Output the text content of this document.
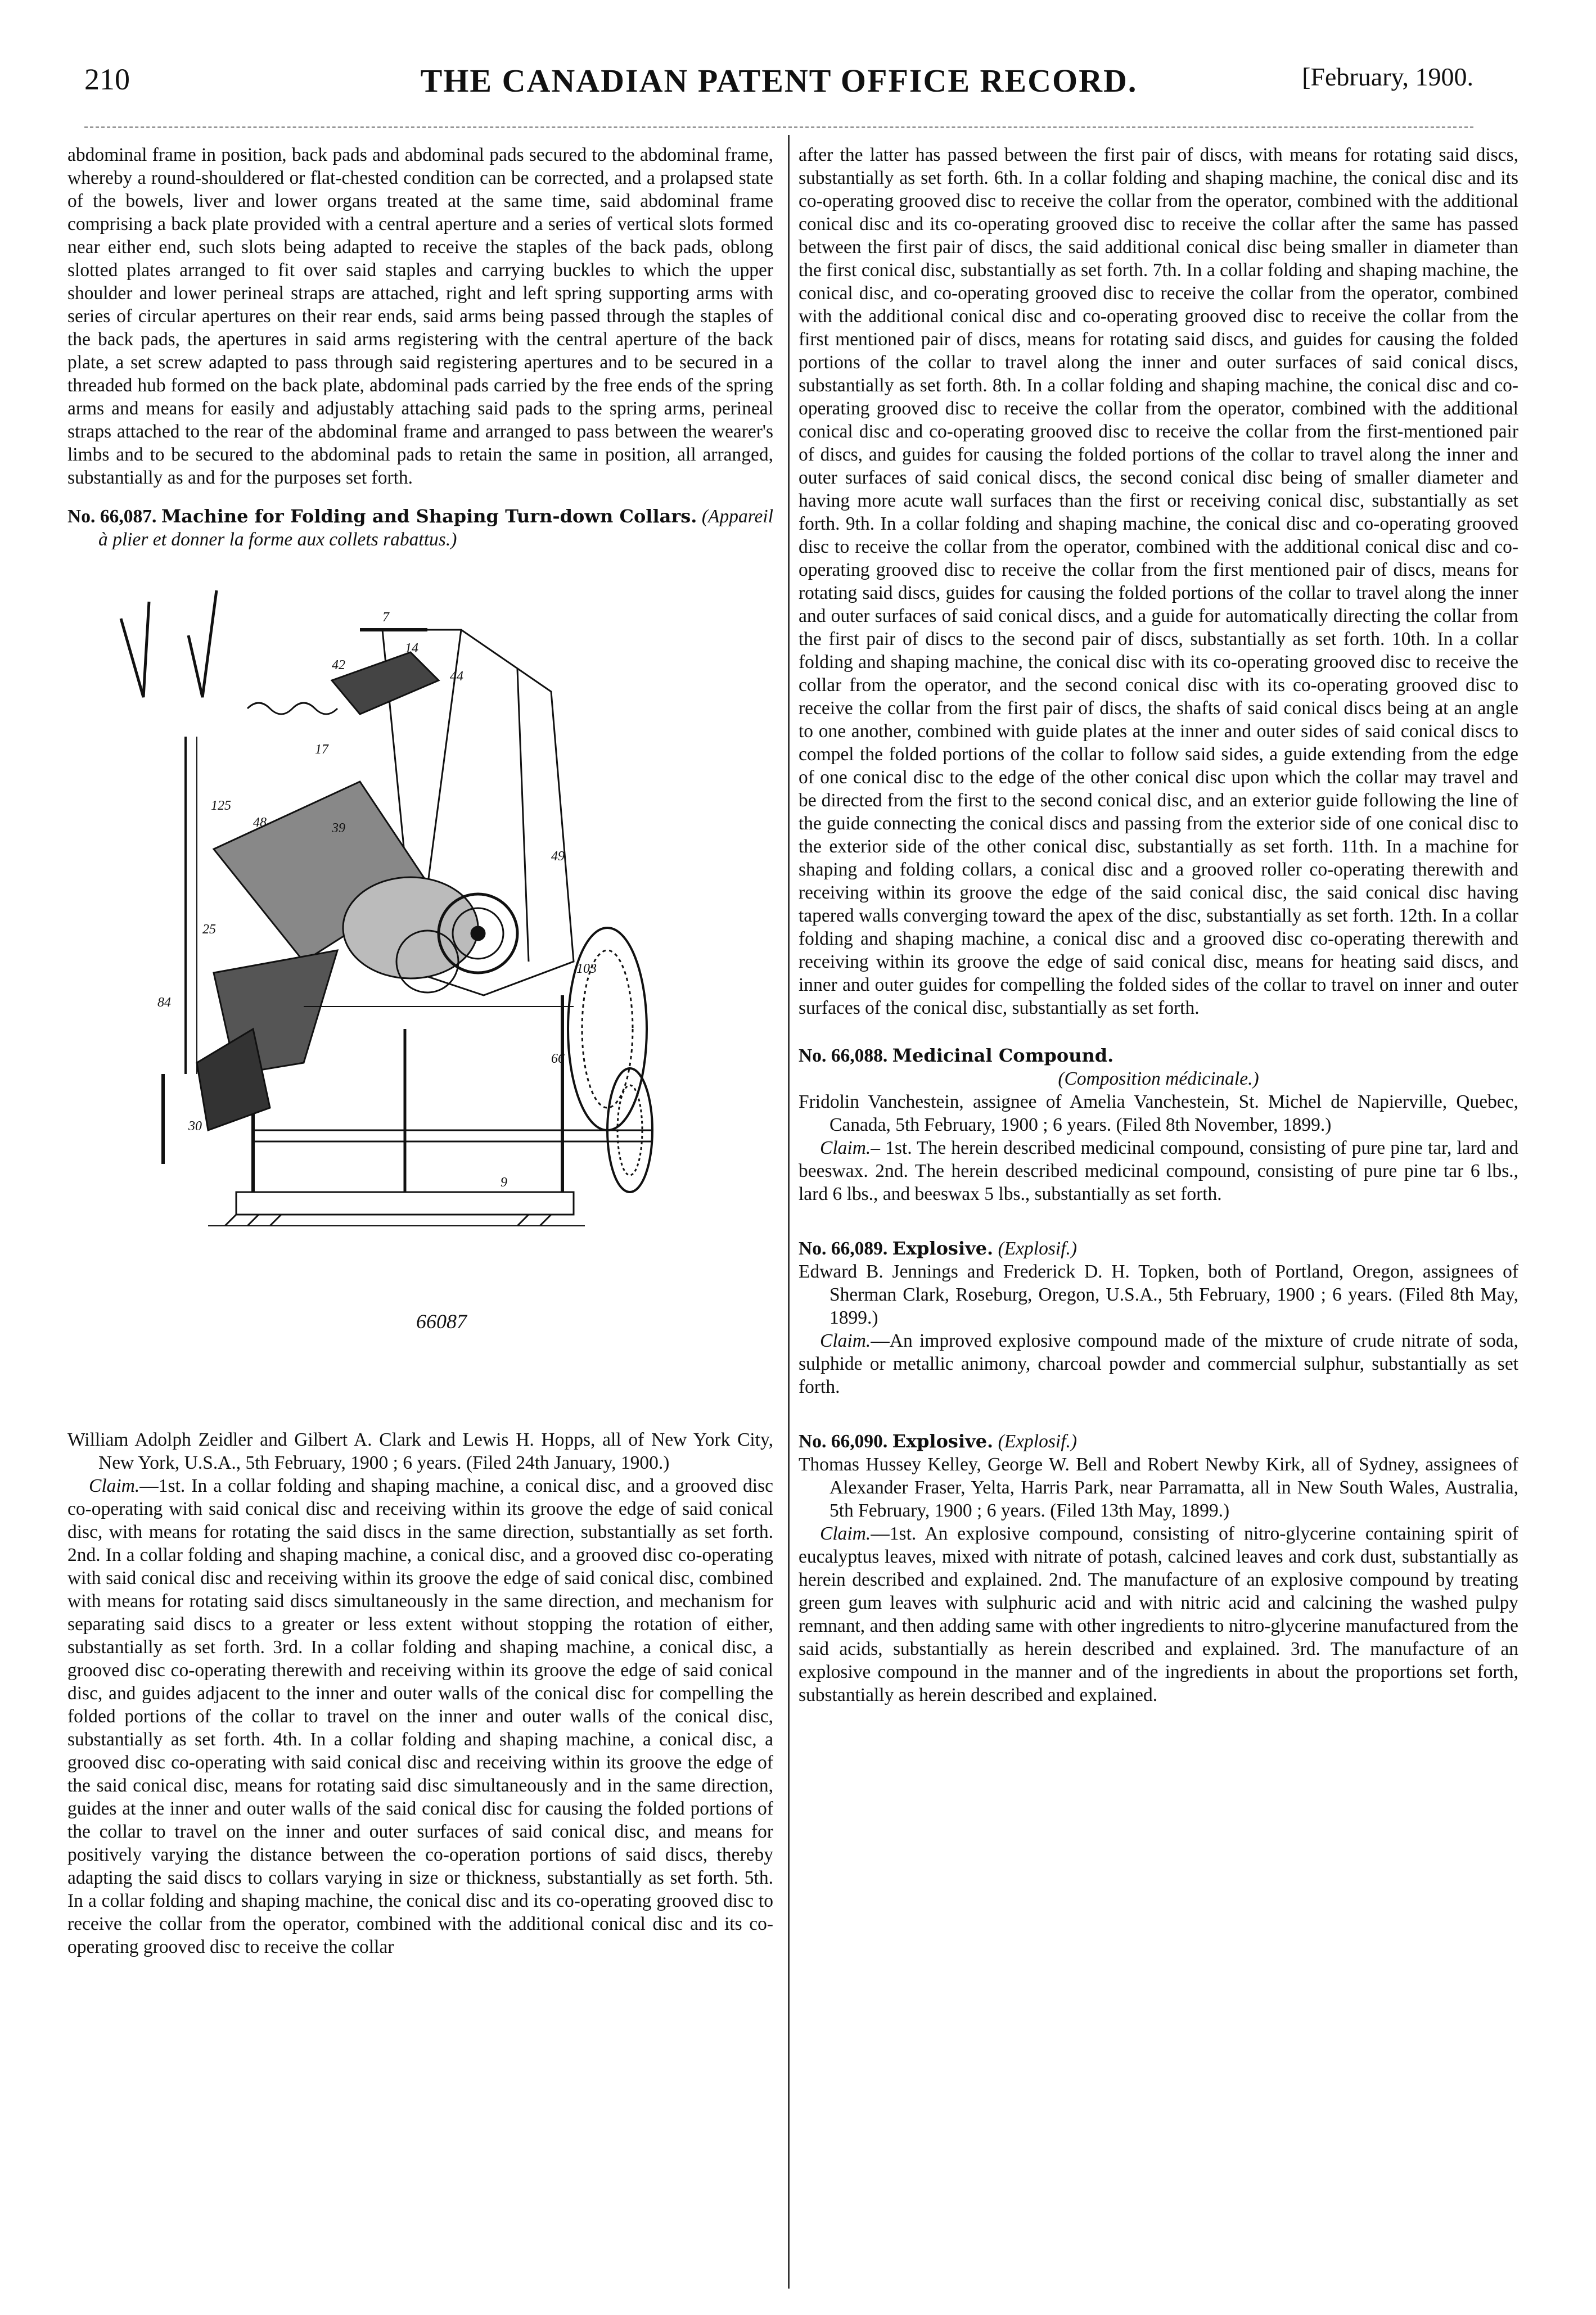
210	THE CANADIAN PATENT OFFICE RECORD.	[February, 1900.

abdominal frame in position, back pads and abdominal pads secured to the abdominal frame, whereby a round-shouldered or flat-chested condition can be corrected, and a prolapsed state of the bowels, liver and lower organs treated at the same time, said abdominal frame comprising a back plate provided with a central aperture and a series of vertical slots formed near either end, such slots being adapted to receive the staples of the back pads, oblong slotted plates arranged to fit over said staples and carrying buckles to which the upper shoulder and lower perineal straps are attached, right and left spring supporting arms with series of circular apertures on their rear ends, said arms being passed through the staples of the back pads, the apertures in said arms registering with the central aperture of the back plate, a set screw adapted to pass through said registering apertures and to be secured in a threaded hub formed on the back plate, abdominal pads carried by the free ends of the spring arms and means for easily and adjustably attaching said pads to the spring arms, perineal straps attached to the rear of the abdominal frame and arranged to pass between the wearer's limbs and to be secured to the abdominal pads to retain the same in position, all arranged, substantially as and for the purposes set forth.

No. 66,087. Machine for Folding and Shaping Turn-down Collars. (Appareil à plier et donner la forme aux collets rabattus.)

7
14
42
44
17
125
48	39
49
25
103
84
66
30
9
66087

William Adolph Zeidler and Gilbert A. Clark and Lewis H. Hopps, all of New York City, New York, U.S.A., 5th February, 1900 ; 6 years. (Filed 24th January, 1900.)

Claim.—1st. In a collar folding and shaping machine, a conical disc, and a grooved disc co-operating with said conical disc and receiving within its groove the edge of said conical disc, with means for rotating the said discs in the same direction, substantially as set forth. 2nd. In a collar folding and shaping machine, a conical disc, and a grooved disc co-operating with said conical disc and receiving within its groove the edge of said conical disc, combined with means for rotating said discs simultaneously in the same direction, and mechanism for separating said discs to a greater or less extent without stopping the rotation of either, substantially as set forth. 3rd. In a collar folding and shaping machine, a conical disc, a grooved disc co-operating therewith and receiving within its groove the edge of said conical disc, and guides adjacent to the inner and outer walls of the conical disc for compelling the folded portions of the collar to travel on the inner and outer walls of the conical disc, substantially as set forth. 4th. In a collar folding and shaping machine, a conical disc, a grooved disc co-operating with said conical disc and receiving within its groove the edge of the said conical disc, means for rotating said disc simultaneously and in the same direction, guides at the inner and outer walls of the said conical disc for causing the folded portions of the collar to travel on the inner and outer surfaces of said conical disc, and means for positively varying the distance between the co-operation portions of said discs, thereby adapting the said discs to collars varying in size or thickness, substantially as set forth. 5th. In a collar folding and shaping machine, the conical disc and its co-operating grooved disc to receive the collar from the operator, combined with the additional conical disc and its co-operating grooved disc to receive the collar

after the latter has passed between the first pair of discs, with means for rotating said discs, substantially as set forth. 6th. In a collar folding and shaping machine, the conical disc and its co-operating grooved disc to receive the collar from the operator, combined with the additional conical disc and its co-operating grooved disc to receive the collar after the same has passed between the first pair of discs, the said additional conical disc being smaller in diameter than the first conical disc, substantially as set forth. 7th. In a collar folding and shaping machine, the conical disc, and co-operating grooved disc to receive the collar from the operator, combined with the additional conical disc and co-operating grooved disc to receive the collar from the first mentioned pair of discs, means for rotating said discs, and guides for causing the folded portions of the collar to travel along the inner and outer surfaces of said conical discs, substantially as set forth. 8th. In a collar folding and shaping machine, the conical disc and co-operating grooved disc to receive the collar from the operator, combined with the additional conical disc and co-operating grooved disc to receive the collar from the first-mentioned pair of discs, and guides for causing the folded portions of the collar to travel along the inner and outer surfaces of said conical discs, the second conical disc being of smaller diameter and having more acute wall surfaces than the first or receiving conical disc, substantially as set forth. 9th. In a collar folding and shaping machine, the conical disc and co-operating grooved disc to receive the collar from the operator, combined with the additional conical disc and co-operating grooved disc to receive the collar from the first mentioned pair of discs, means for rotating said discs, guides for causing the folded portions of the collar to travel along the inner and outer surfaces of said conical discs, and a guide for automatically directing the collar from the first pair of discs to the second pair of discs, substantially as set forth. 10th. In a collar folding and shaping machine, the conical disc with its co-operating grooved disc to receive the collar from the operator, and the second conical disc with its co-operating grooved disc to receive the collar from the first pair of discs, the shafts of said conical discs being at an angle to one another, combined with guide plates at the inner and outer sides of said conical discs to compel the folded portions of the collar to follow said sides, a guide extending from the edge of one conical disc to the edge of the other conical disc upon which the collar may travel and be directed from the first to the second conical disc, and an exterior guide following the line of the guide connecting the conical discs and passing from the exterior side of one conical disc to the exterior side of the other conical disc, substantially as set forth. 11th. In a machine for shaping and folding collars, a conical disc and a grooved roller co-operating therewith and receiving within its groove the edge of the said conical disc, the said conical disc having tapered walls converging toward the apex of the disc, substantially as set forth. 12th. In a collar folding and shaping machine, a conical disc and a grooved disc co-operating therewith and receiving within its groove the edge of said conical disc, means for heating said discs, and inner and outer guides for compelling the folded sides of the collar to travel on inner and outer surfaces of the conical disc, substantially as set forth.

No. 66,088. Medicinal Compound.

(Composition médicinale.)

Fridolin Vanchestein, assignee of Amelia Vanchestein, St. Michel de Napierville, Quebec, Canada, 5th February, 1900 ; 6 years. (Filed 8th November, 1899.)

Claim.– 1st. The herein described medicinal compound, consisting of pure pine tar, lard and beeswax. 2nd. The herein described medicinal compound, consisting of pure pine tar 6 lbs., lard 6 lbs., and beeswax 5 lbs., substantially as set forth.

No. 66,089. Explosive. (Explosif.)

Edward B. Jennings and Frederick D. H. Topken, both of Portland, Oregon, assignees of Sherman Clark, Roseburg, Oregon, U.S.A., 5th February, 1900 ; 6 years. (Filed 8th May, 1899.)

Claim.—An improved explosive compound made of the mixture of crude nitrate of soda, sulphide or metallic animony, charcoal powder and commercial sulphur, substantially as set forth.

No. 66,090. Explosive. (Explosif.)

Thomas Hussey Kelley, George W. Bell and Robert Newby Kirk, all of Sydney, assignees of Alexander Fraser, Yelta, Harris Park, near Parramatta, all in New South Wales, Australia, 5th February, 1900 ; 6 years. (Filed 13th May, 1899.)

Claim.—1st. An explosive compound, consisting of nitro-glycerine containing spirit of eucalyptus leaves, mixed with nitrate of potash, calcined leaves and cork dust, substantially as herein described and explained. 2nd. The manufacture of an explosive compound by treating green gum leaves with sulphuric acid and with nitric acid and calcining the washed pulpy remnant, and then adding same with other ingredients to nitro-glycerine manufactured from the said acids, substantially as herein described and explained. 3rd. The manufacture of an explosive compound in the manner and of the ingredients in about the proportions set forth, substantially as herein described and explained.
